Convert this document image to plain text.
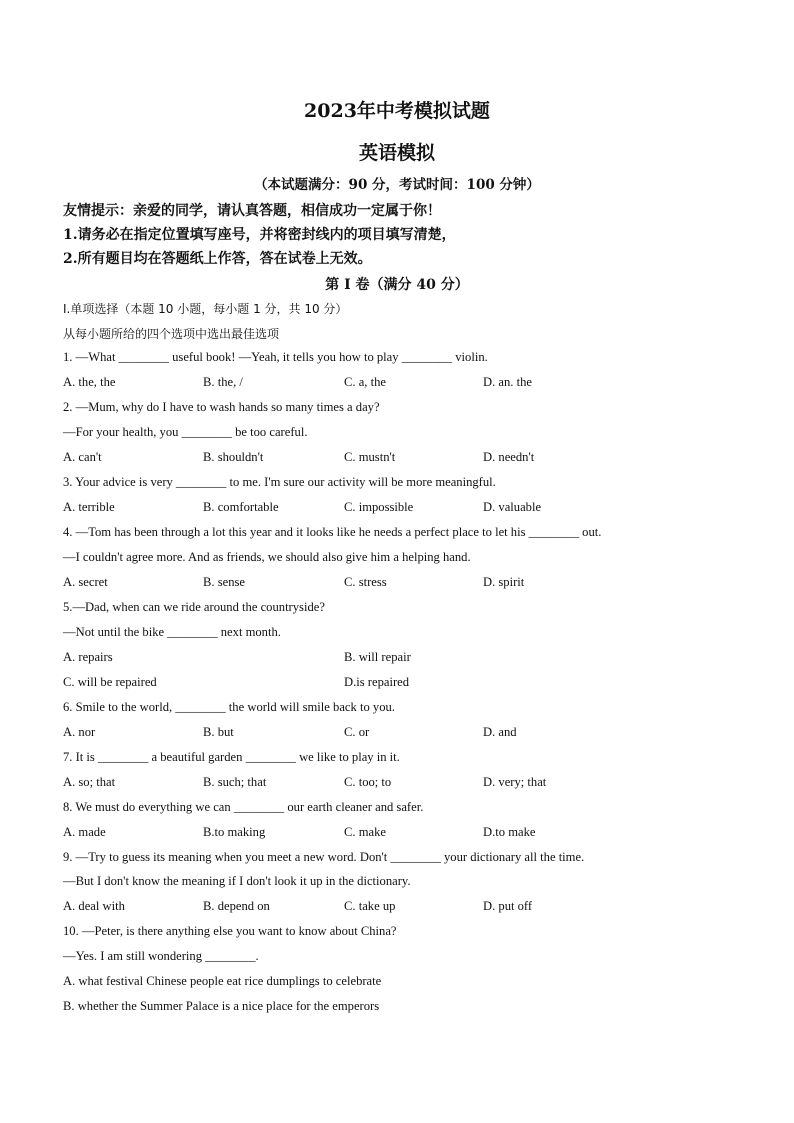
2023年中考模拟试题
英语模拟
（本试题满分：90 分，考试时间：100 分钟）
友情提示：亲爱的同学，请认真答题，相信成功一定属于你！
1.请务必在指定位置填写座号，并将密封线内的项目填写清楚，
2.所有题目均在答题纸上作答，答在试卷上无效。
第 Ⅰ 卷（满分 40 分）
Ⅰ.单项选择（本题 10 小题，每小题 1 分，共 10 分）
从每小题所给的四个选项中选出最佳选项
1. —What ________ useful book! —Yeah, it tells you how to play ________ violin.
A. the, the	B. the, /	C. a, the	D. an. the
2. —Mum, why do I have to wash hands so many times a day?
—For your health, you ________ be too careful.
A. can't	B. shouldn't	C. mustn't	D. needn't
3. Your advice is very ________ to me. I'm sure our activity will be more meaningful.
A. terrible	B. comfortable	C. impossible	D. valuable
4. —Tom has been through a lot this year and it looks like he needs a perfect place to let his ________ out.
—I couldn't agree more. And as friends, we should also give him a helping hand.
A. secret	B. sense	C. stress	D. spirit
5.—Dad, when can we ride around the countryside?
—Not until the bike ________ next month.
A. repairs	B. will repair
C. will be repaired	D.is repaired
6. Smile to the world, ________ the world will smile back to you.
A. nor	B. but	C. or	D. and
7. It is ________ a beautiful garden ________ we like to play in it.
A. so; that	B. such; that	C. too; to	D. very; that
8. We must do everything we can ________ our earth cleaner and safer.
A. made	B.to making	C. make	D.to make
9. —Try to guess its meaning when you meet a new word. Don't ________ your dictionary all the time.
—But I don't know the meaning if I don't look it up in the dictionary.
A. deal with	B. depend on	C. take up	D. put off
10. —Peter, is there anything else you want to know about China?
—Yes. I am still wondering ________.
A. what festival Chinese people eat rice dumplings to celebrate
B. whether the Summer Palace is a nice place for the emperors
